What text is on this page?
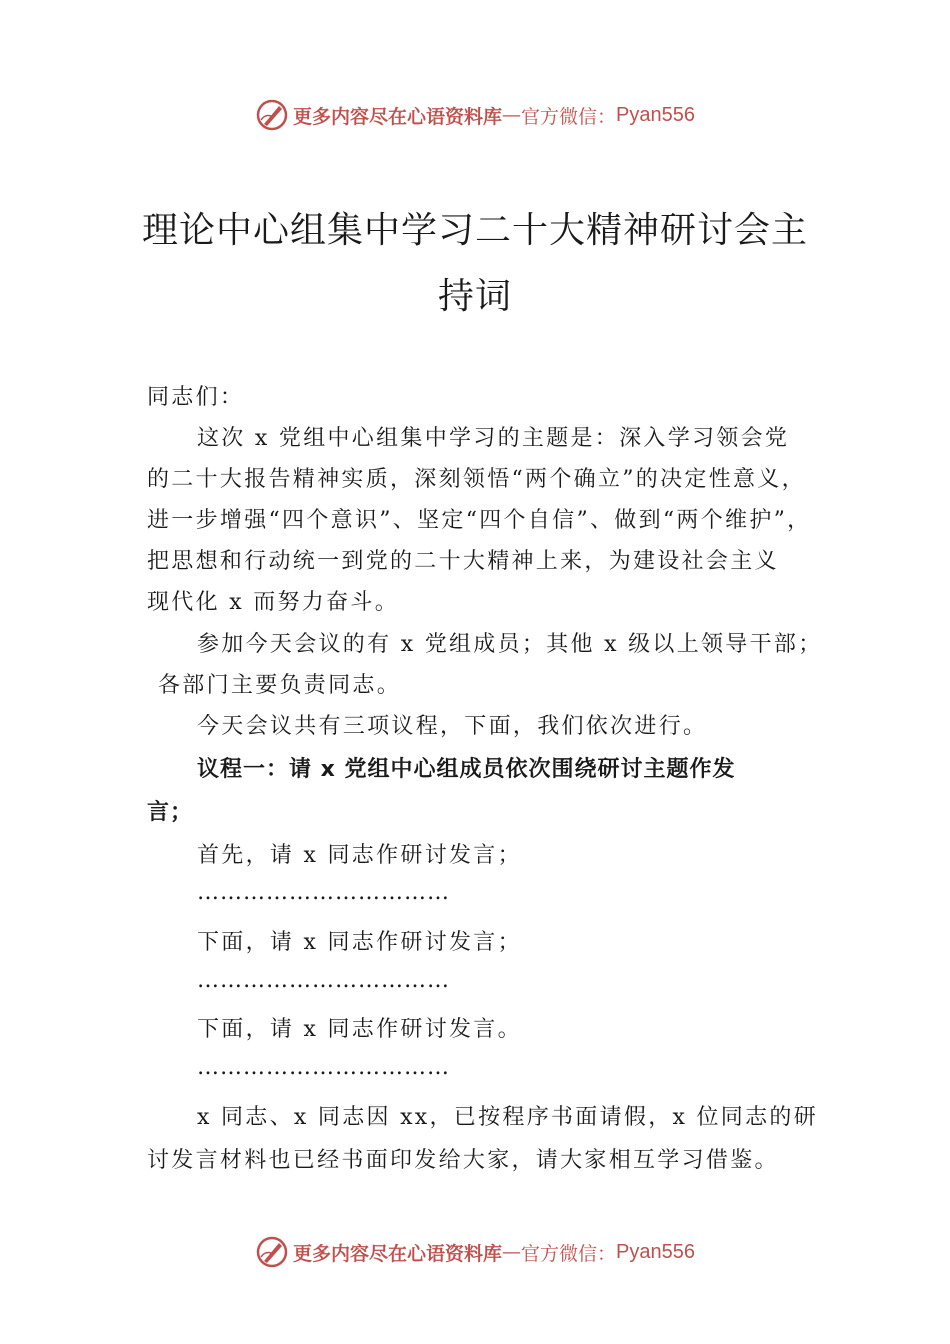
更多内容尽在心语资料库 — 官方微信： Pyan556
理论中心组集中学习二十大精神研讨会主
持词
同志们：
这次 x 党组中心组集中学习的主题是：深入学习领会党
的二十大报告精神实质，深刻领悟“两个确立”的决定性意义，
进一步增强“四个意识”、坚定“四个自信”、做到“两个维护”，
把思想和行动统一到党的二十大精神上来，为建设社会主义
现代化 x 而努力奋斗。
参加今天会议的有 x 党组成员；其他 x 级以上领导干部；
各部门主要负责同志。
今天会议共有三项议程，下面，我们依次进行。
议程一：请 x 党组中心组成员依次围绕研讨主题作发
言；
首先，请 x 同志作研讨发言；
……………………………
下面，请 x 同志作研讨发言；
……………………………
下面，请 x 同志作研讨发言。
……………………………
x 同志、x 同志因 xx，已按程序书面请假，x 位同志的研
讨发言材料也已经书面印发给大家，请大家相互学习借鉴。
更多内容尽在心语资料库 — 官方微信： Pyan556
